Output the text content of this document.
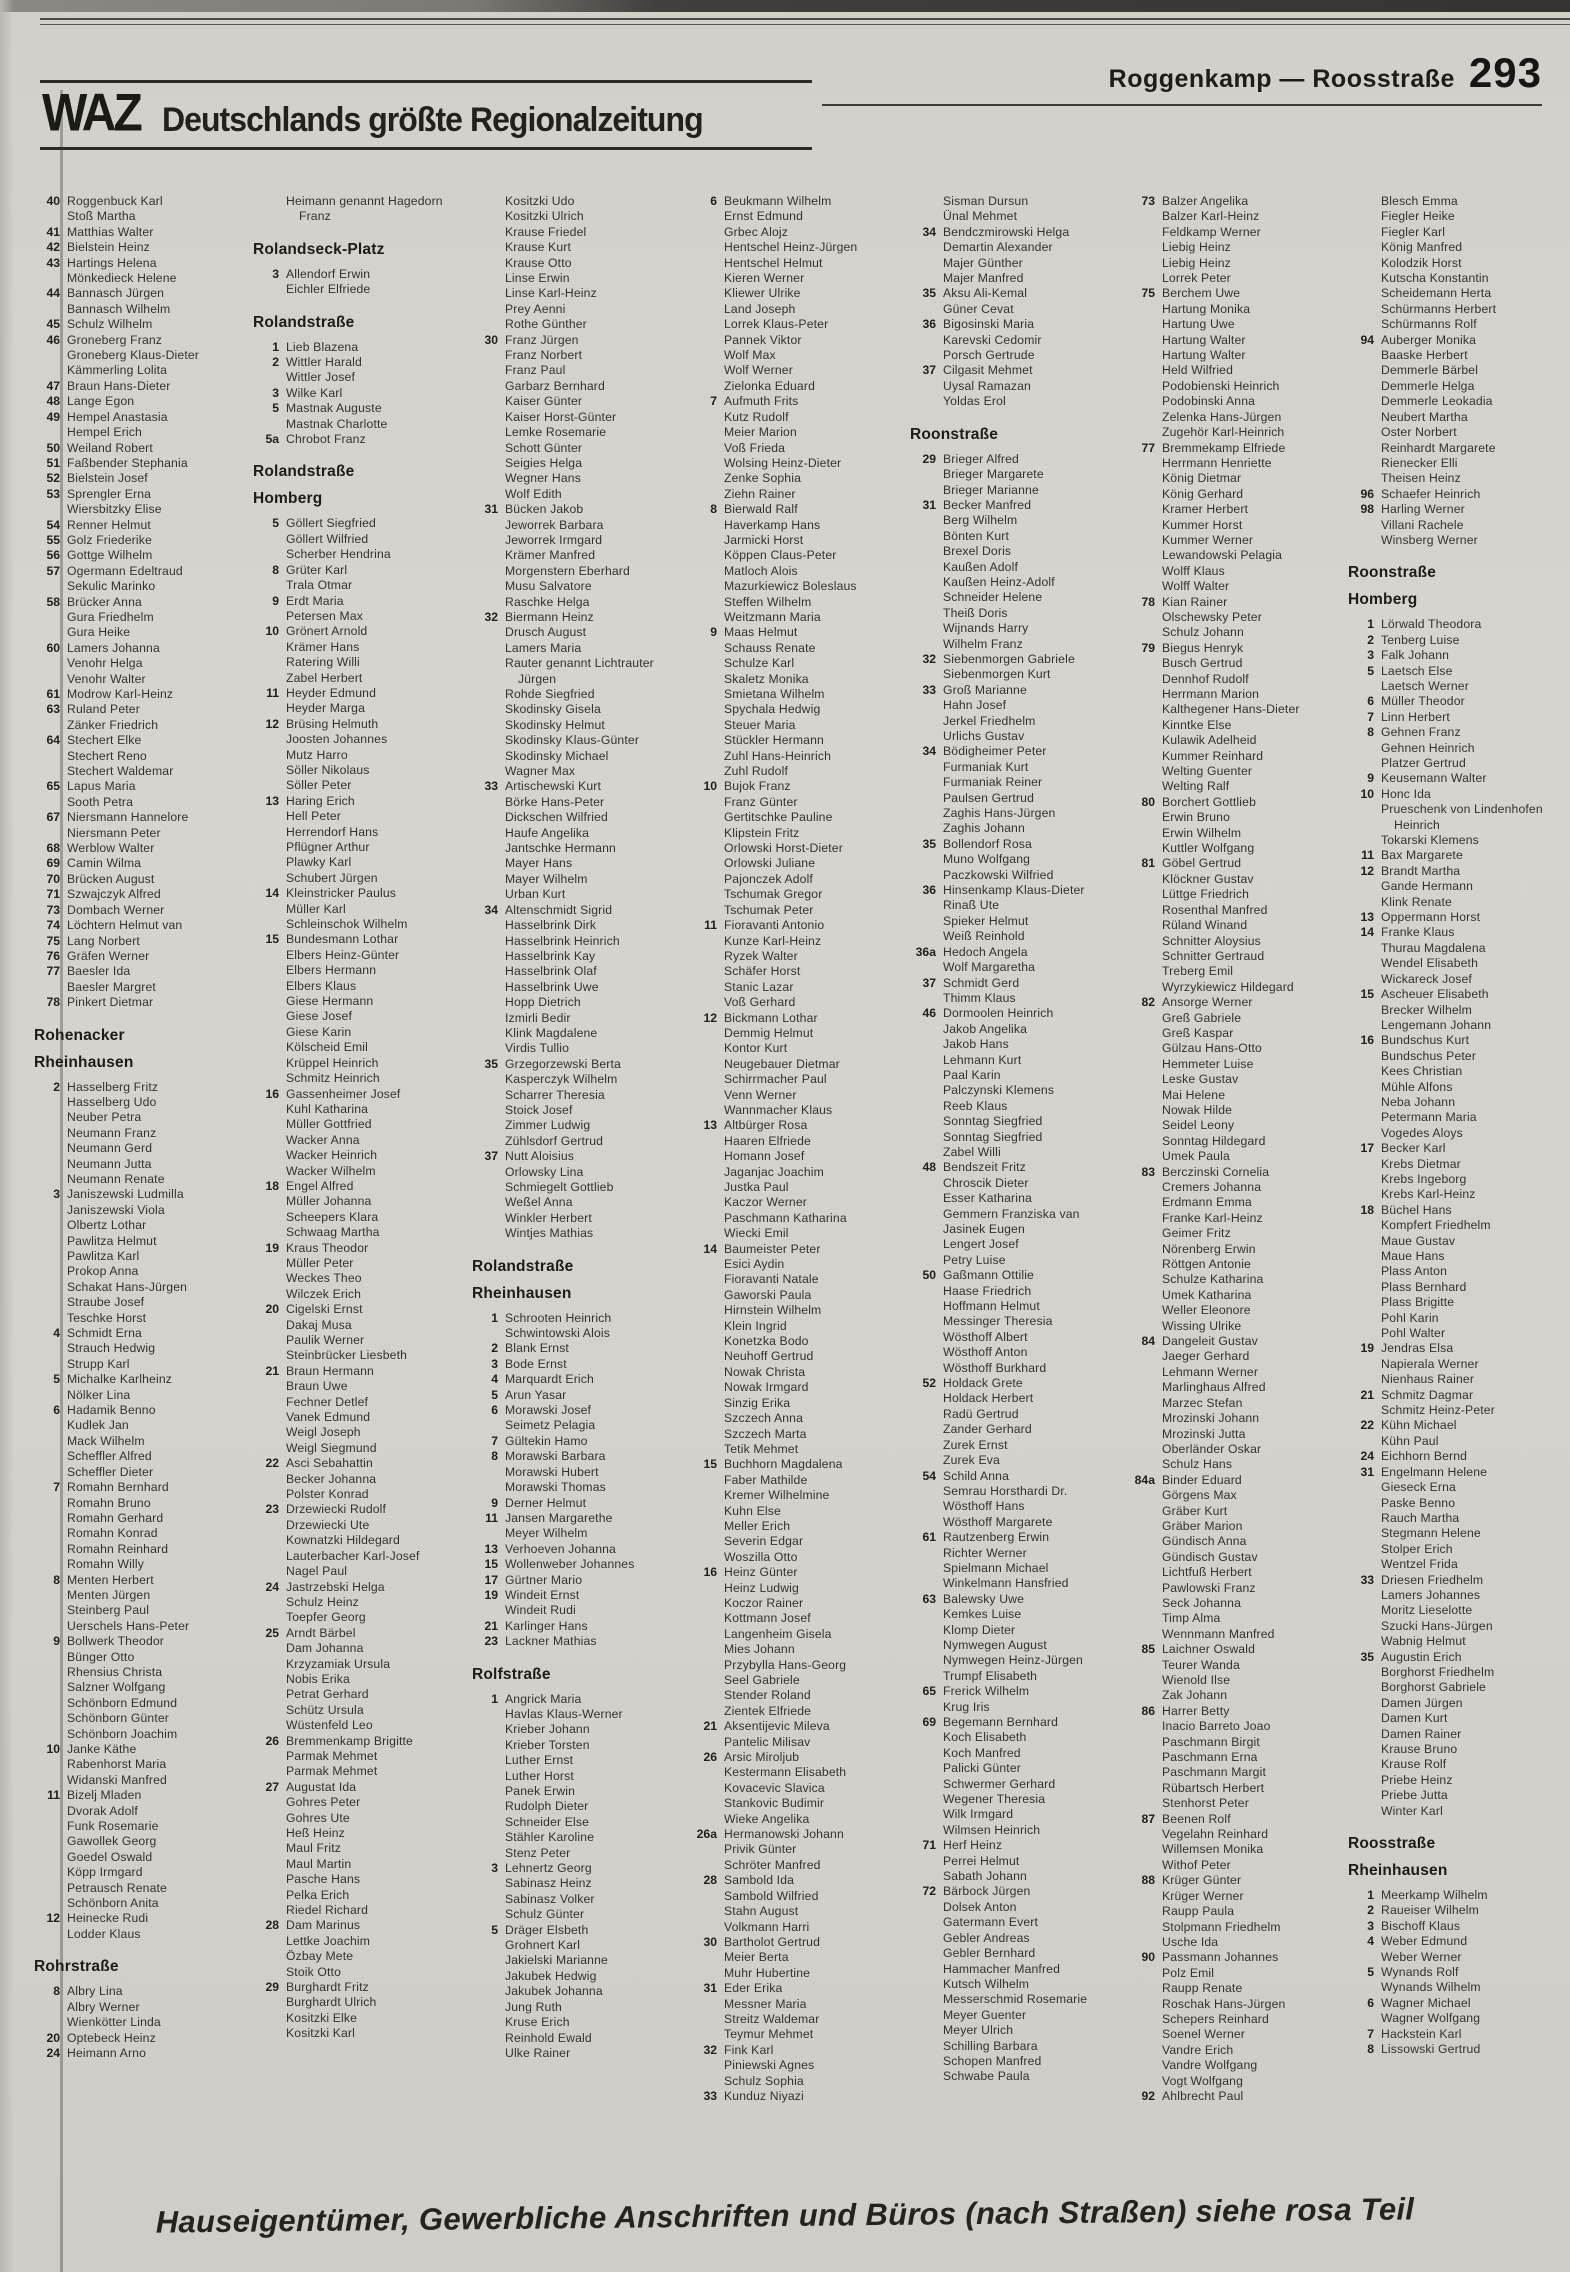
WAZ Deutschlands größte Regionalzeitung
Roggenkamp — Roosstraße 293
40 Roggenbuck Karl
Stoß Martha
41 Matthias Walter
42 Bielstein Heinz
43 Hartings Helena
Mönkedieck Helene
44 Bannasch Jürgen
Bannasch Wilhelm
45 Schulz Wilhelm
46 Groneberg Franz
Groneberg Klaus-Dieter
Kämmerling Lolita
47 Braun Hans-Dieter
48 Lange Egon
49 Hempel Anastasia
Hempel Erich
50 Weiland Robert
51 Faßbender Stephania
52 Bielstein Josef
53 Sprengler Erna
Wiersbitzky Elise
54 Renner Helmut
55 Golz Friederike
56 Gottge Wilhelm
57 Ogermann Edeltraud
Sekulic Marinko
58 Brücker Anna
Gura Friedhelm
Gura Heike
60 Lamers Johanna
Venohr Helga
Venohr Walter
61 Modrow Karl-Heinz
63 Ruland Peter
Zänker Friedrich
64 Stechert Elke
Stechert Reno
Stechert Waldemar
65 Lapus Maria
Sooth Petra
67 Niersmann Hannelore
Niersmann Peter
68 Werblow Walter
69 Camin Wilma
70 Brücken August
71 Szwajczyk Alfred
73 Dombach Werner
74 Löchtern Helmut van
75 Lang Norbert
76 Gräfen Werner
77 Baesler Ida
Baesler Margret
78 Pinkert Dietmar
Rohenacker
Rheinhausen
2 Hasselberg Fritz
Hasselberg Udo
Neuber Petra
Neumann Franz
Neumann Gerd
Neumann Jutta
Neumann Renate
3 Janiszewski Ludmilla
Janiszewski Viola
Olbertz Lothar
Pawlitza Helmut
Pawlitza Karl
Prokop Anna
Schakat Hans-Jürgen
Straube Josef
Teschke Horst
4 Schmidt Erna
Strauch Hedwig
Strupp Karl
5 Michalke Karlheinz
Nölker Lina
6 Hadamik Benno
Kudlek Jan
Mack Wilhelm
Scheffler Alfred
Scheffler Dieter
7 Romahn Bernhard
Romahn Bruno
Romahn Gerhard
Romahn Konrad
Romahn Reinhard
Romahn Willy
8 Menten Herbert
Menten Jürgen
Steinberg Paul
Uerschels Hans-Peter
9 Bollwerk Theodor
Bünger Otto
Rhensius Christa
Salzner Wolfgang
Schönborn Edmund
Schönborn Günter
Schönborn Joachim
10 Janke Käthe
Rabenhorst Maria
Widanski Manfred
11 Bizelj Mladen
Dvorak Adolf
Funk Rosemarie
Gawollek Georg
Goedel Oswald
Köpp Irmgard
Petrausch Renate
Schönborn Anita
12 Heinecke Rudi
Lodder Klaus
Rohrstraße
8 Albry Lina
Albry Werner
Wienkötter Linda
20 Optebeck Heinz
24 Heimann Arno
Heimann genannt Hagedorn
Franz
Rolandseck-Platz
3 Allendorf Erwin
Eichler Elfriede
Rolandstraße
1 Lieb Blazena
2 Wittler Harald
Wittler Josef
3 Wilke Karl
5 Mastnak Auguste
Mastnak Charlotte
5a Chrobot Franz
Rolandstraße
Homberg
5 Göllert Siegfried
Göllert Wilfried
Scherber Hendrina
8 Grüter Karl
Trala Otmar
9 Erdt Maria
Petersen Max
10 Grönert Arnold
Krämer Hans
Ratering Willi
Zabel Herbert
11 Heyder Edmund
Heyder Marga
12 Brüsing Helmuth
Joosten Johannes
Mutz Harro
Söller Nikolaus
Söller Peter
13 Haring Erich
Hell Peter
Herrendorf Hans
Pflügner Arthur
Plawky Karl
Schubert Jürgen
14 Kleinstricker Paulus
Müller Karl
Schleinschok Wilhelm
15 Bundesmann Lothar
Elbers Heinz-Günter
Elbers Hermann
Elbers Klaus
Giese Hermann
Giese Josef
Giese Karin
Kölscheid Emil
Krüppel Heinrich
Schmitz Heinrich
16 Gassenheimer Josef
Kuhl Katharina
Müller Gottfried
Wacker Anna
Wacker Heinrich
Wacker Wilhelm
18 Engel Alfred
Müller Johanna
Scheepers Klara
Schwaag Martha
19 Kraus Theodor
Müller Peter
Weckes Theo
Wilczek Erich
20 Cigelski Ernst
Dakaj Musa
Paulik Werner
Steinbrücker Liesbeth
21 Braun Hermann
Braun Uwe
Fechner Detlef
Vanek Edmund
Weigl Joseph
Weigl Siegmund
22 Asci Sebahattin
Becker Johanna
Polster Konrad
23 Drzewiecki Rudolf
Drzewiecki Ute
Kownatzki Hildegard
Lauterbacher Karl-Josef
Nagel Paul
24 Jastrzebski Helga
Schulz Heinz
Toepfer Georg
25 Arndt Bärbel
Dam Johanna
Krzyzamiak Ursula
Nobis Erika
Petrat Gerhard
Schütz Ursula
Wüstenfeld Leo
26 Bremmenkamp Brigitte
Parmak Mehmet
Parmak Mehmet
27 Augustat Ida
Gohres Peter
Gohres Ute
Heß Heinz
Maul Fritz
Maul Martin
Pasche Hans
Pelka Erich
Riedel Richard
28 Dam Marinus
Lettke Joachim
Özbay Mete
Stoik Otto
29 Burghardt Fritz
Burghardt Ulrich
Kositzki Elke
Kositzki Karl
Kositzki Udo
Kositzki Ulrich
Krause Friedel
Krause Kurt
Krause Otto
Linse Erwin
Linse Karl-Heinz
Prey Aenni
Rothe Günther
30 Franz Jürgen
Franz Norbert
Franz Paul
Garbarz Bernhard
Kaiser Günter
Kaiser Horst-Günter
Lemke Rosemarie
Schott Günter
Seigies Helga
Wegner Hans
Wolf Edith
31 Bücken Jakob
Jeworrek Barbara
Jeworrek Irmgard
Krämer Manfred
Morgenstern Eberhard
Musu Salvatore
Raschke Helga
32 Biermann Heinz
Drusch August
Lamers Maria
Rauter genannt Lichtrauter
Jürgen
Rohde Siegfried
Skodinsky Gisela
Skodinsky Helmut
Skodinsky Klaus-Günter
Skodinsky Michael
Wagner Max
33 Artischewski Kurt
Börke Hans-Peter
Dickschen Wilfried
Haufe Angelika
Jantschke Hermann
Mayer Hans
Mayer Wilhelm
Urban Kurt
34 Altenschmidt Sigrid
Hasselbrink Dirk
Hasselbrink Heinrich
Hasselbrink Kay
Hasselbrink Olaf
Hasselbrink Uwe
Hopp Dietrich
Izmirli Bedir
Klink Magdalene
Virdis Tullio
35 Grzegorzewski Berta
Kasperczyk Wilhelm
Scharrer Theresia
Stoick Josef
Zimmer Ludwig
Zühlsdorf Gertrud
37 Nutt Aloisius
Orlowsky Lina
Schmiegelt Gottlieb
Weßel Anna
Winkler Herbert
Wintjes Mathias
Rolandstraße
Rheinhausen
1 Schrooten Heinrich
Schwintowski Alois
2 Blank Ernst
3 Bode Ernst
4 Marquardt Erich
5 Arun Yasar
6 Morawski Josef
Seimetz Pelagia
7 Gültekin Hamo
8 Morawski Barbara
Morawski Hubert
Morawski Thomas
9 Derner Helmut
11 Jansen Margarethe
Meyer Wilhelm
13 Verhoeven Johanna
15 Wollenweber Johannes
17 Gürtner Mario
19 Windeit Ernst
Windeit Rudi
21 Karlinger Hans
23 Lackner Mathias
Rolfstraße
1 Angrick Maria
Havlas Klaus-Werner
Krieber Johann
Krieber Torsten
Luther Ernst
Luther Horst
Panek Erwin
Rudolph Dieter
Schneider Else
Stähler Karoline
Stenz Peter
3 Lehnertz Georg
Sabinasz Heinz
Sabinasz Volker
Schulz Günter
5 Dräger Elsbeth
Grohnert Karl
Jakielski Marianne
Jakubek Hedwig
Jakubek Johanna
Jung Ruth
Kruse Erich
Reinhold Ewald
Ulke Rainer
6 Beukmann Wilhelm
Ernst Edmund
Grbec Alojz
Hentschel Heinz-Jürgen
Hentschel Helmut
Kieren Werner
Kliewer Ulrike
Land Joseph
Lorrek Klaus-Peter
Pannek Viktor
Wolf Max
Wolf Werner
Zielonka Eduard
7 Aufmuth Frits
Kutz Rudolf
Meier Marion
Voß Frieda
Wolsing Heinz-Dieter
Zenke Sophia
Ziehn Rainer
8 Bierwald Ralf
Haverkamp Hans
Jarmicki Horst
Köppen Claus-Peter
Matloch Alois
Mazurkiewicz Boleslaus
Steffen Wilhelm
Weitzmann Maria
9 Maas Helmut
Schauss Renate
Schulze Karl
Skaletz Monika
Smietana Wilhelm
Spychala Hedwig
Steuer Maria
Stückler Hermann
Zuhl Hans-Heinrich
Zuhl Rudolf
10 Bujok Franz
Franz Günter
Gertitschke Pauline
Klipstein Fritz
Orlowski Horst-Dieter
Orlowski Juliane
Pajonczek Adolf
Tschumak Gregor
Tschumak Peter
11 Fioravanti Antonio
Kunze Karl-Heinz
Ryzek Walter
Schäfer Horst
Stanic Lazar
Voß Gerhard
12 Bickmann Lothar
Demmig Helmut
Kontor Kurt
Neugebauer Dietmar
Schirrmacher Paul
Venn Werner
Wannmacher Klaus
13 Altbürger Rosa
Haaren Elfriede
Homann Josef
Jaganjac Joachim
Justka Paul
Kaczor Werner
Paschmann Katharina
Wiecki Emil
14 Baumeister Peter
Esici Aydin
Fioravanti Natale
Gaworski Paula
Hirnstein Wilhelm
Klein Ingrid
Konetzka Bodo
Neuhoff Gertrud
Nowak Christa
Nowak Irmgard
Sinzig Erika
Szczech Anna
Szczech Marta
Tetik Mehmet
15 Buchhorn Magdalena
Faber Mathilde
Kremer Wilhelmine
Kuhn Else
Meller Erich
Severin Edgar
Woszilla Otto
16 Heinz Günter
Heinz Ludwig
Koczor Rainer
Kottmann Josef
Langenheim Gisela
Mies Johann
Przybylla Hans-Georg
Seel Gabriele
Stender Roland
Zientek Elfriede
21 Aksentijevic Mileva
Pantelic Milisav
26 Arsic Miroljub
Kestermann Elisabeth
Kovacevic Slavica
Stankovic Budimir
Wieke Angelika
26a Hermanowski Johann
Privik Günter
Schröter Manfred
28 Sambold Ida
Sambold Wilfried
Stahn August
Volkmann Harri
30 Bartholot Gertrud
Meier Berta
Muhr Hubertine
31 Eder Erika
Messner Maria
Streitz Waldemar
Teymur Mehmet
32 Fink Karl
Piniewski Agnes
Schulz Sophia
33 Kunduz Niyazi
Sisman Dursun
Ünal Mehmet
34 Bendczmirowski Helga
Demartin Alexander
Majer Günther
Majer Manfred
35 Aksu Ali-Kemal
Güner Cevat
36 Bigosinski Maria
Karevski Cedomir
Porsch Gertrude
37 Cilgasit Mehmet
Uysal Ramazan
Yoldas Erol
Roonstraße
29 Brieger Alfred
Brieger Margarete
Brieger Marianne
31 Becker Manfred
Berg Wilhelm
Bönten Kurt
Brexel Doris
Kaußen Adolf
Kaußen Heinz-Adolf
Schneider Helene
Theiß Doris
Wijnands Harry
Wilhelm Franz
32 Siebenmorgen Gabriele
Siebenmorgen Kurt
33 Groß Marianne
Hahn Josef
Jerkel Friedhelm
Urlichs Gustav
34 Bödigheimer Peter
Furmaniak Kurt
Furmaniak Reiner
Paulsen Gertrud
Zaghis Hans-Jürgen
Zaghis Johann
35 Bollendorf Rosa
Muno Wolfgang
Paczkowski Wilfried
36 Hinsenkamp Klaus-Dieter
Rinaß Ute
Spieker Helmut
Weiß Reinhold
36a Hedoch Angela
Wolf Margaretha
37 Schmidt Gerd
Thimm Klaus
46 Dormoolen Heinrich
Jakob Angelika
Jakob Hans
Lehmann Kurt
Paal Karin
Palczynski Klemens
Reeb Klaus
Sonntag Siegfried
Sonntag Siegfried
Zabel Willi
48 Bendszeit Fritz
Chroscik Dieter
Esser Katharina
Gemmern Franziska van
Jasinek Eugen
Lengert Josef
Petry Luise
50 Gaßmann Ottilie
Haase Friedrich
Hoffmann Helmut
Messinger Theresia
Wösthoff Albert
Wösthoff Anton
Wösthoff Burkhard
52 Holdack Grete
Holdack Herbert
Radü Gertrud
Zander Gerhard
Zurek Ernst
Zurek Eva
54 Schild Anna
Semrau Horsthardi Dr.
Wösthoff Hans
Wösthoff Margarete
61 Rautzenberg Erwin
Richter Werner
Spielmann Michael
Winkelmann Hansfried
63 Balewsky Uwe
Kemkes Luise
Klomp Dieter
Nymwegen August
Nymwegen Heinz-Jürgen
Trumpf Elisabeth
65 Frerick Wilhelm
Krug Iris
69 Begemann Bernhard
Koch Elisabeth
Koch Manfred
Palicki Günter
Schwermer Gerhard
Wegener Theresia
Wilk Irmgard
Wilmsen Heinrich
71 Herf Heinz
Perrei Helmut
Sabath Johann
72 Bärbock Jürgen
Dolsek Anton
Gatermann Evert
Gebler Andreas
Gebler Bernhard
Hammacher Manfred
Kutsch Wilhelm
Messerschmid Rosemarie
Meyer Guenter
Meyer Ulrich
Schilling Barbara
Schopen Manfred
Schwabe Paula
73 Balzer Angelika
Balzer Karl-Heinz
Feldkamp Werner
Liebig Heinz
Liebig Heinz
Lorrek Peter
75 Berchem Uwe
Hartung Monika
Hartung Uwe
Hartung Walter
Hartung Walter
Held Wilfried
Podobienski Heinrich
Podobinski Anna
Zelenka Hans-Jürgen
Zugehör Karl-Heinrich
77 Bremmekamp Elfriede
Herrmann Henriette
König Dietmar
König Gerhard
Kramer Herbert
Kummer Horst
Kummer Werner
Lewandowski Pelagia
Wolff Klaus
Wolff Walter
78 Kian Rainer
Olschewsky Peter
Schulz Johann
79 Biegus Henryk
Busch Gertrud
Dennhof Rudolf
Herrmann Marion
Kalthegener Hans-Dieter
Kinntke Else
Kulawik Adelheid
Kummer Reinhard
Welting Guenter
Welting Ralf
80 Borchert Gottlieb
Erwin Bruno
Erwin Wilhelm
Kuttler Wolfgang
81 Göbel Gertrud
Klöckner Gustav
Lüttge Friedrich
Rosenthal Manfred
Rüland Winand
Schnitter Aloysius
Schnitter Gertraud
Treberg Emil
Wyrzykiewicz Hildegard
82 Ansorge Werner
Greß Gabriele
Greß Kaspar
Gülzau Hans-Otto
Hemmeter Luise
Leske Gustav
Mai Helene
Nowak Hilde
Seidel Leony
Sonntag Hildegard
Umek Paula
83 Berczinski Cornelia
Cremers Johanna
Erdmann Emma
Franke Karl-Heinz
Geimer Fritz
Nörenberg Erwin
Röttgen Antonie
Schulze Katharina
Umek Katharina
Weller Eleonore
Wissing Ulrike
84 Dangeleit Gustav
Jaeger Gerhard
Lehmann Werner
Marlinghaus Alfred
Marzec Stefan
Mrozinski Johann
Mrozinski Jutta
Oberländer Oskar
Schulz Hans
84a Binder Eduard
Görgens Max
Gräber Kurt
Gräber Marion
Gündisch Anna
Gündisch Gustav
Lichtfuß Herbert
Pawlowski Franz
Seck Johanna
Timp Alma
Wennmann Manfred
85 Laichner Oswald
Teurer Wanda
Wienold Ilse
Zak Johann
86 Harrer Betty
Inacio Barreto Joao
Paschmann Birgit
Paschmann Erna
Paschmann Margit
Rübartsch Herbert
Stenhorst Peter
87 Beenen Rolf
Vegelahn Reinhard
Willemsen Monika
Withof Peter
88 Krüger Günter
Krüger Werner
Raupp Paula
Stolpmann Friedhelm
Usche Ida
90 Passmann Johannes
Polz Emil
Raupp Renate
Roschak Hans-Jürgen
Schepers Reinhard
Soenel Werner
Vandre Erich
Vandre Wolfgang
Vogt Wolfgang
92 Ahlbrecht Paul
Blesch Emma
Fiegler Heike
Fiegler Karl
König Manfred
Kolodzik Horst
Kutscha Konstantin
Scheidemann Herta
Schürmanns Herbert
Schürmanns Rolf
94 Auberger Monika
Baaske Herbert
Demmerle Bärbel
Demmerle Helga
Demmerle Leokadia
Neubert Martha
Oster Norbert
Reinhardt Margarete
Rienecker Elli
Theisen Heinz
96 Schaefer Heinrich
98 Harling Werner
Villani Rachele
Winsberg Werner
Roonstraße
Homberg
1 Lörwald Theodora
2 Tenberg Luise
3 Falk Johann
5 Laetsch Else
Laetsch Werner
6 Müller Theodor
7 Linn Herbert
8 Gehnen Franz
Gehnen Heinrich
Platzer Gertrud
9 Keusemann Walter
10 Honc Ida
Prueschenk von Lindenhofen
Heinrich
Tokarski Klemens
11 Bax Margarete
12 Brandt Martha
Gande Hermann
Klink Renate
13 Oppermann Horst
14 Franke Klaus
Thurau Magdalena
Wendel Elisabeth
Wickareck Josef
15 Ascheuer Elisabeth
Brecker Wilhelm
Lengemann Johann
16 Bundschus Kurt
Bundschus Peter
Kees Christian
Mühle Alfons
Neba Johann
Petermann Maria
Vogedes Aloys
17 Becker Karl
Krebs Dietmar
Krebs Ingeborg
Krebs Karl-Heinz
18 Büchel Hans
Kompfert Friedhelm
Maue Gustav
Maue Hans
Plass Anton
Plass Bernhard
Plass Brigitte
Pohl Karin
Pohl Walter
19 Jendras Elsa
Napierala Werner
Nienhaus Rainer
21 Schmitz Dagmar
Schmitz Heinz-Peter
22 Kühn Michael
Kühn Paul
24 Eichhorn Bernd
31 Engelmann Helene
Gieseck Erna
Paske Benno
Rauch Martha
Stegmann Helene
Stolper Erich
Wentzel Frida
33 Driesen Friedhelm
Lamers Johannes
Moritz Lieselotte
Szucki Hans-Jürgen
Wabnig Helmut
35 Augustin Erich
Borghorst Friedhelm
Borghorst Gabriele
Damen Jürgen
Damen Kurt
Damen Rainer
Krause Bruno
Krause Rolf
Priebe Heinz
Priebe Jutta
Winter Karl
Roosstraße
Rheinhausen
1 Meerkamp Wilhelm
2 Raueiser Wilhelm
3 Bischoff Klaus
4 Weber Edmund
Weber Werner
5 Wynands Rolf
Wynands Wilhelm
6 Wagner Michael
Wagner Wolfgang
7 Hackstein Karl
8 Lissowski Gertrud
Hauseigentümer, Gewerbliche Anschriften und Büros (nach Straßen) siehe rosa Teil
